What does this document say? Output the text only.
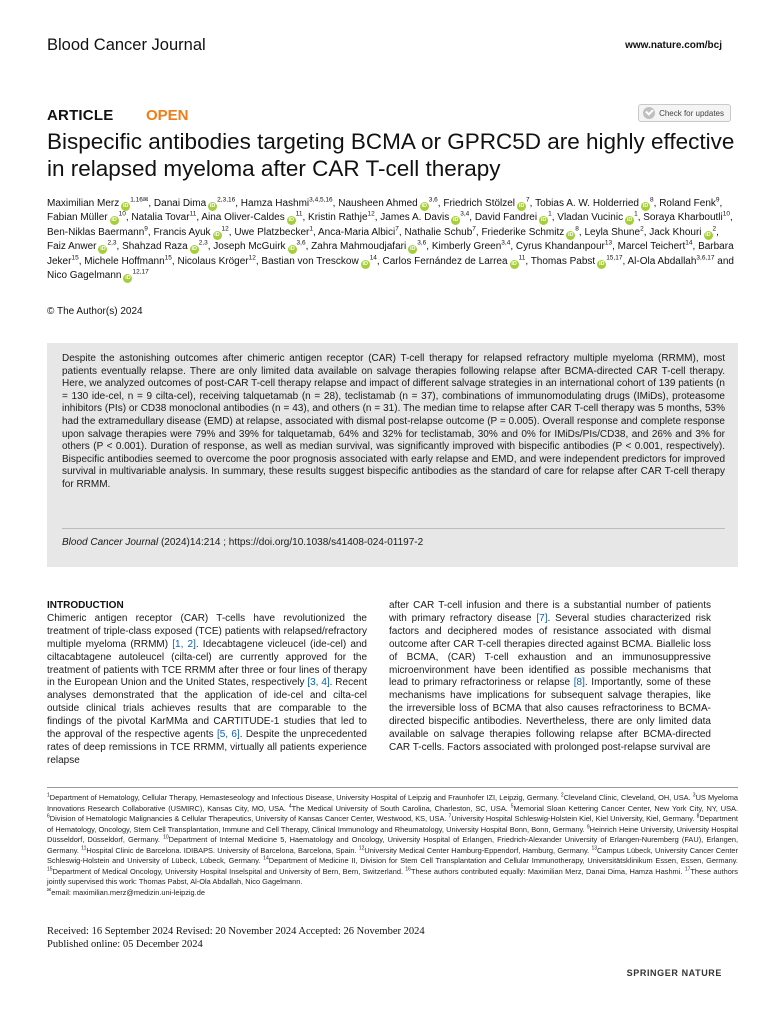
Blood Cancer Journal	www.nature.com/bcj
ARTICLE OPEN	Check for updates
Bispecific antibodies targeting BCMA or GPRC5D are highly effective in relapsed myeloma after CAR T-cell therapy
Maximilian Merz $iD^{1,16✉}$, Danai Dima iD$^{2,3,16}$, Hamza Hashmi$^{3,4,5,16}$, Nausheen Ahmed iD$^{3,6}$, Friedrich Stölzel $iD^7$, Tobias A. W. Holderried $iD^8$, Roland Fenk$^9$, Fabian Müller $iD^{10}$, Natalia Tovar$^{11}$, Aina Oliver-Caldes $iD^{11}$, Kristin Rathje$^{12}$, James A. Davis iD$^{3,4}$, David Fandrei $iD^1$, Vladan Vucinic $iD^1$, Soraya Kharboutli$^{10}$, Ben-Niklas Baermann$^9$, Francis Ayuk $iD^{12}$, Uwe Platzbecker$^1$, Anca-Maria Albici$^7$, Nathalie Schub$^7$, Friederike Schmitz $iD^8$, Leyla Shune$^2$, Jack Khouri $iD^2$, Faiz Anwer iD$^{2,3}$, Shahzad Raza iD$^{2,3}$, Joseph McGuirk iD$^{3,6}$, Zahra Mahmoudjafari iD$^{3,6}$, Kimberly Green$^{3,4}$, Cyrus Khandanpour$^{13}$, Marcel Teichert$^{14}$, Barbara Jeker$^{15}$, Michele Hoffmann$^{15}$, Nicolaus Kröger$^{12}$, Bastian von Tresckow $iD^{14}$, Carlos Fernández de Larrea $iD^{11}$, Thomas Pabst iD$^{15,17}$, Al-Ola Abdallah$^{3,6,17}$ and Nico Gagelmann iD$^{12,17}$
© The Author(s) 2024

Despite the astonishing outcomes after chimeric antigen receptor (CAR) T-cell therapy for relapsed refractory multiple myeloma (RRMM), most patients eventually relapse. There are only limited data available on salvage therapies following relapse after BCMA-directed CAR T-cell therapy. Here, we analyzed outcomes of post-CAR T-cell therapy relapse and impact of different salvage strategies in an international cohort of 139 patients (n = 130 ide-cel, n = 9 cilta-cel), receiving talquetamab (n = 28), teclistamab (n = 37), combinations of immunomodulating drugs (IMiDs), proteasome inhibitors (PIs) or CD38 monoclonal antibodies (n = 43), and others (n = 31). The median time to relapse after CAR T-cell therapy was 5 months, 53% had the extramedullary disease (EMD) at relapse, associated with dismal post-relapse outcome (P = 0.005). Overall response and complete response upon salvage therapies were 79% and 39% for talquetamab, 64% and 32% for teclistamab, 30% and 0% for IMiDs/PIs/CD38, and 26% and 3% for others (P < 0.001). Duration of response, as well as median survival, was significantly improved with bispecific antibodies (P < 0.001, respectively). Bispecific antibodies seemed to overcome the poor prognosis associated with early relapse and EMD, and were independent predictors for improved survival in multivariable analysis. In summary, these results suggest bispecific antibodies as the standard of care for relapse after CAR T-cell therapy for RRMM.

Blood Cancer Journal (2024)14:214 ; https://doi.org/10.1038/s41408-024-01197-2
INTRODUCTION

Chimeric antigen receptor (CAR) T-cells have revolutionized the treatment of triple-class exposed (TCE) patients with relapsed/refractory multiple myeloma (RRMM) [1, 2]. Idecabtagene vicleucel (ide-cel) and ciltacabtagene autoleucel (cilta-cel) are currently approved for the treatment of patients with TCE RRMM after three or four lines of therapy in the European Union and the United States, respectively [3, 4]. Recent analyses demonstrated that the application of ide-cel and cilta-cel outside clinical trials achieves results that are comparable to the findings of the pivotal KarMMa and CARTITUDE-1 studies that led to the approval of the respective agents [5, 6]. Despite the unprecedented rates of deep remissions in TCE RRMM, virtually all patients experience relapse

after CAR T-cell infusion and there is a substantial number of patients with primary refractory disease [7]. Several studies characterized risk factors and deciphered modes of resistance associated with dismal outcome after CAR T-cell therapies directed against BCMA. Biallelic loss of BCMA, (CAR) T-cell exhaustion and an immunosuppressive microenvironment have been identified as possible mechanisms that lead to primary refractoriness or relapse [8]. Importantly, some of these mechanisms have implications for subsequent salvage therapies, like the irreversible loss of BCMA that also causes refractoriness to BCMA-directed bispecific antibodies. Nevertheless, there are only limited data available on salvage therapies following relapse after BCMA-directed CAR T-cells. Factors associated with prolonged post-relapse survival are

$^1$Department of Hematology, Cellular Therapy, Hemasteseology and Infectious Disease, University Hospital of Leipzig and Fraunhofer IZI, Leipzig, Germany. $^2$Cleveland Clinic, Cleveland, OH, USA. $^3$US Myeloma Innovations Research Collaborative (USMIRC), Kansas City, MO, USA. $^4$The Medical University of South Carolina, Charleston, SC, USA. $^5$Memorial Sloan Kettering Cancer Center, New York City, NY, USA. $^6$Division of Hematologic Malignancies & Cellular Therapeutics, University of Kansas Cancer Center, Westwood, KS, USA. $^7$University Hospital Schleswig-Holstein Kiel, Kiel University, Kiel, Germany. $^8$Department of Hematology, Oncology, Stem Cell Transplantation, Immune and Cell Therapy, Clinical Immunology and Rheumatology, University Hospital Bonn, Bonn, Germany. $^9$Heinrich Heine University, University Hospital Düsseldorf, Düsseldorf, Germany. $^{10}$Department of Internal Medicine 5, Haematology and Oncology, University Hospital of Erlangen, Friedrich-Alexander University of Erlangen-Nuremberg (FAU), Erlangen, Germany. $^{11}$Hospital Clinic de Barcelona. IDIBAPS. University of Barcelona, Barcelona, Spain. $^{12}$University Medical Center Hamburg-Eppendorf, Hamburg, Germany. $^{13}$Campus Lübeck, University Cancer Center Schleswig-Holstein and University of Lübeck, Lübeck, Germany. $^{14}$Department of Medicine II, Division for Stem Cell Transplantation and Cellular Immunotherapy, Universitätsklinikum Essen, Essen, Germany. $^{15}$Department of Medical Oncology, University Hospital Inselspital and University of Bern, Bern, Switzerland. $^{16}$These authors contributed equally: Maximilian Merz, Danai Dima, Hamza Hashmi. $^{17}$These authors jointly supervised this work: Thomas Pabst, Al-Ola Abdallah, Nico Gagelmann.
✉email: maximilian.merz@medizin.uni-leipzig.de
Received: 16 September 2024 Revised: 20 November 2024 Accepted: 26 November 2024
Published online: 05 December 2024
SPRINGER NATURE
